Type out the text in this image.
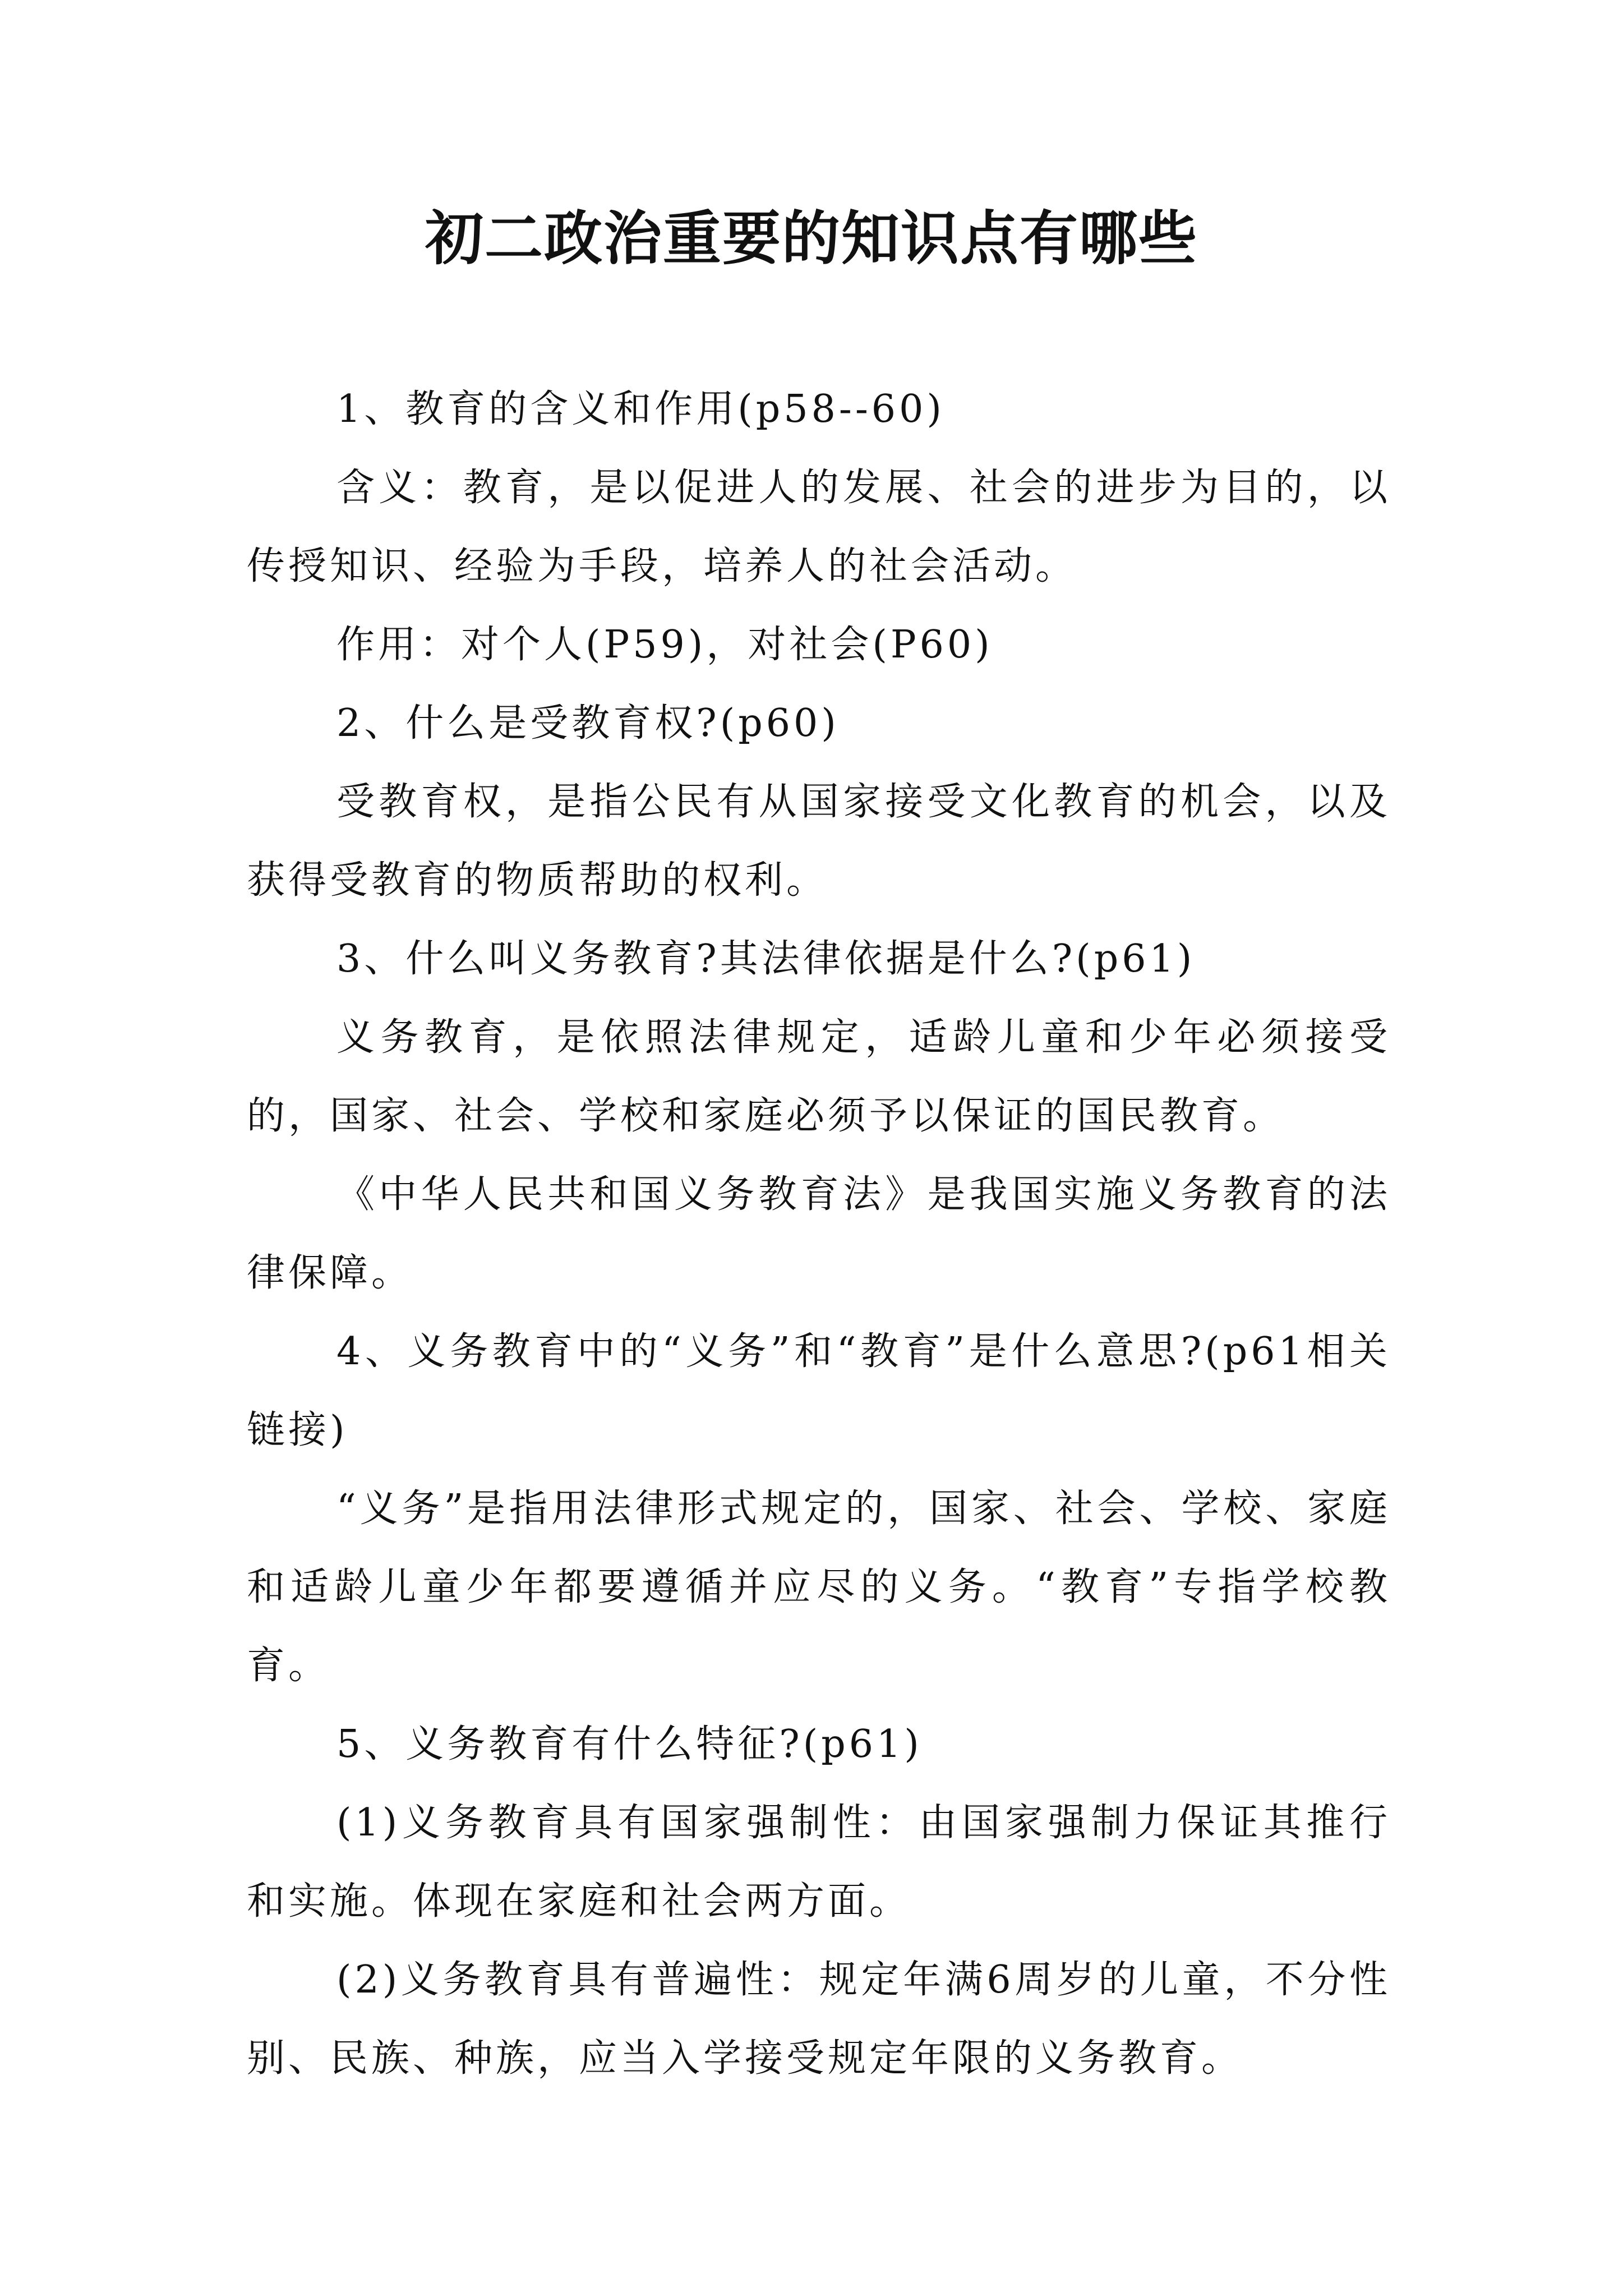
初二政治重要的知识点有哪些

1、教育的含义和作用(p58--60)

含义：教育，是以促进人的发展、社会的进步为目的，以传授知识、经验为手段，培养人的社会活动。

作用：对个人(P59)，对社会(P60)

2、什么是受教育权?(p60)

受教育权，是指公民有从国家接受文化教育的机会，以及获得受教育的物质帮助的权利。

3、什么叫义务教育?其法律依据是什么?(p61)

义务教育，是依照法律规定，适龄儿童和少年必须接受的，国家、社会、学校和家庭必须予以保证的国民教育。

《中华人民共和国义务教育法》是我国实施义务教育的法律保障。

4、义务教育中的“义务”和“教育”是什么意思?(p61相关链接)

“义务”是指用法律形式规定的，国家、社会、学校、家庭和适龄儿童少年都要遵循并应尽的义务。“教育”专指学校教育。

5、义务教育有什么特征?(p61)

(1)义务教育具有国家强制性：由国家强制力保证其推行和实施。体现在家庭和社会两方面。

(2)义务教育具有普遍性：规定年满6周岁的儿童，不分性别、民族、种族，应当入学接受规定年限的义务教育。
